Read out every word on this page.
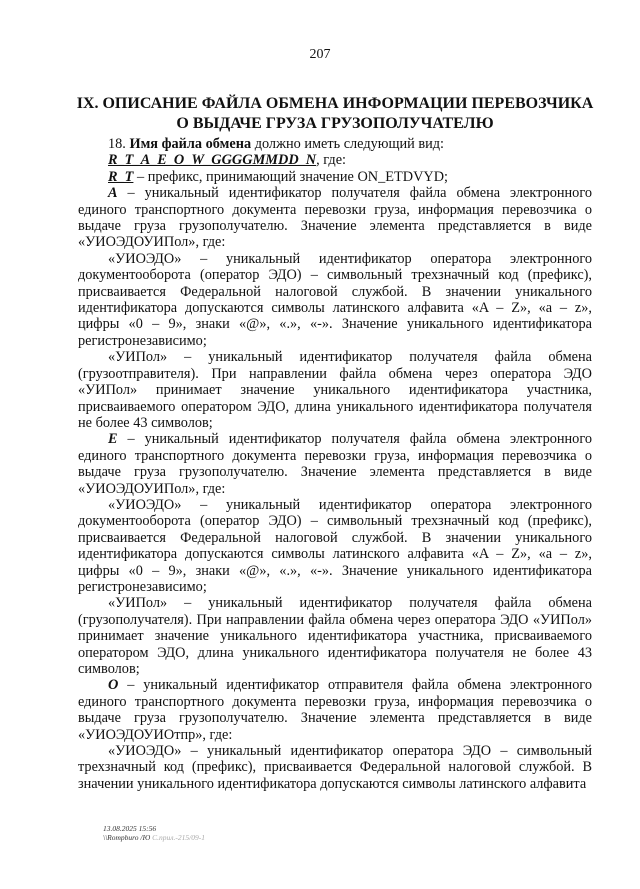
207
IX. ОПИСАНИЕ ФАЙЛА ОБМЕНА ИНФОРМАЦИИ ПЕРЕВОЗЧИКА
О ВЫДАЧЕ ГРУЗА ГРУЗОПОЛУЧАТЕЛЮ

18. Имя файла обмена должно иметь следующий вид:

R_T_A_E_O_W_GGGGMMDD_N, где:

R_T – префикс, принимающий значение ON_ETDVYD;

A – уникальный идентификатор получателя файла обмена электронного единого транспортного документа перевозки груза, информация перевозчика о выдаче груза грузополучателю. Значение элемента представляется в виде «УИОЭДОУИПол», где:

«УИОЭДО» – уникальный идентификатор оператора электронного документооборота (оператор ЭДО) – символьный трехзначный код (префикс), присваивается Федеральной налоговой службой. В значении уникального идентификатора допускаются символы латинского алфавита «A – Z», «a – z», цифры «0 – 9», знаки «@», «.», «-». Значение уникального идентификатора регистронезависимо;

«УИПол» – уникальный идентификатор получателя файла обмена (грузоотправителя). При направлении файла обмена через оператора ЭДО «УИПол» принимает значение уникального идентификатора участника, присваиваемого оператором ЭДО, длина уникального идентификатора получателя не более 43 символов;

E – уникальный идентификатор получателя файла обмена электронного единого транспортного документа перевозки груза, информация перевозчика о выдаче груза грузополучателю. Значение элемента представляется в виде «УИОЭДОУИПол», где:

«УИОЭДО» – уникальный идентификатор оператора электронного документооборота (оператор ЭДО) – символьный трехзначный код (префикс), присваивается Федеральной налоговой службой. В значении уникального идентификатора допускаются символы латинского алфавита «A – Z», «a – z», цифры «0 – 9», знаки «@», «.», «-». Значение уникального идентификатора регистронезависимо;

«УИПол» – уникальный идентификатор получателя файла обмена (грузополучателя). При направлении файла обмена через оператора ЭДО «УИПол» принимает значение уникального идентификатора участника, присваиваемого оператором ЭДО, длина уникального идентификатора получателя не более 43 символов;

O – уникальный идентификатор отправителя файла обмена электронного единого транспортного документа перевозки груза, информация перевозчика о выдаче груза грузополучателю. Значение элемента представляется в виде «УИОЭДОУИОтпр», где:

«УИОЭДО» – уникальный идентификатор оператора ЭДО – символьный трехзначный код (префикс), присваивается Федеральной налоговой службой. В значении уникального идентификатора допускаются символы латинского алфавита

13.08.2025 15:56
\\Rompburo /Ю С.прил.-215/09-1
